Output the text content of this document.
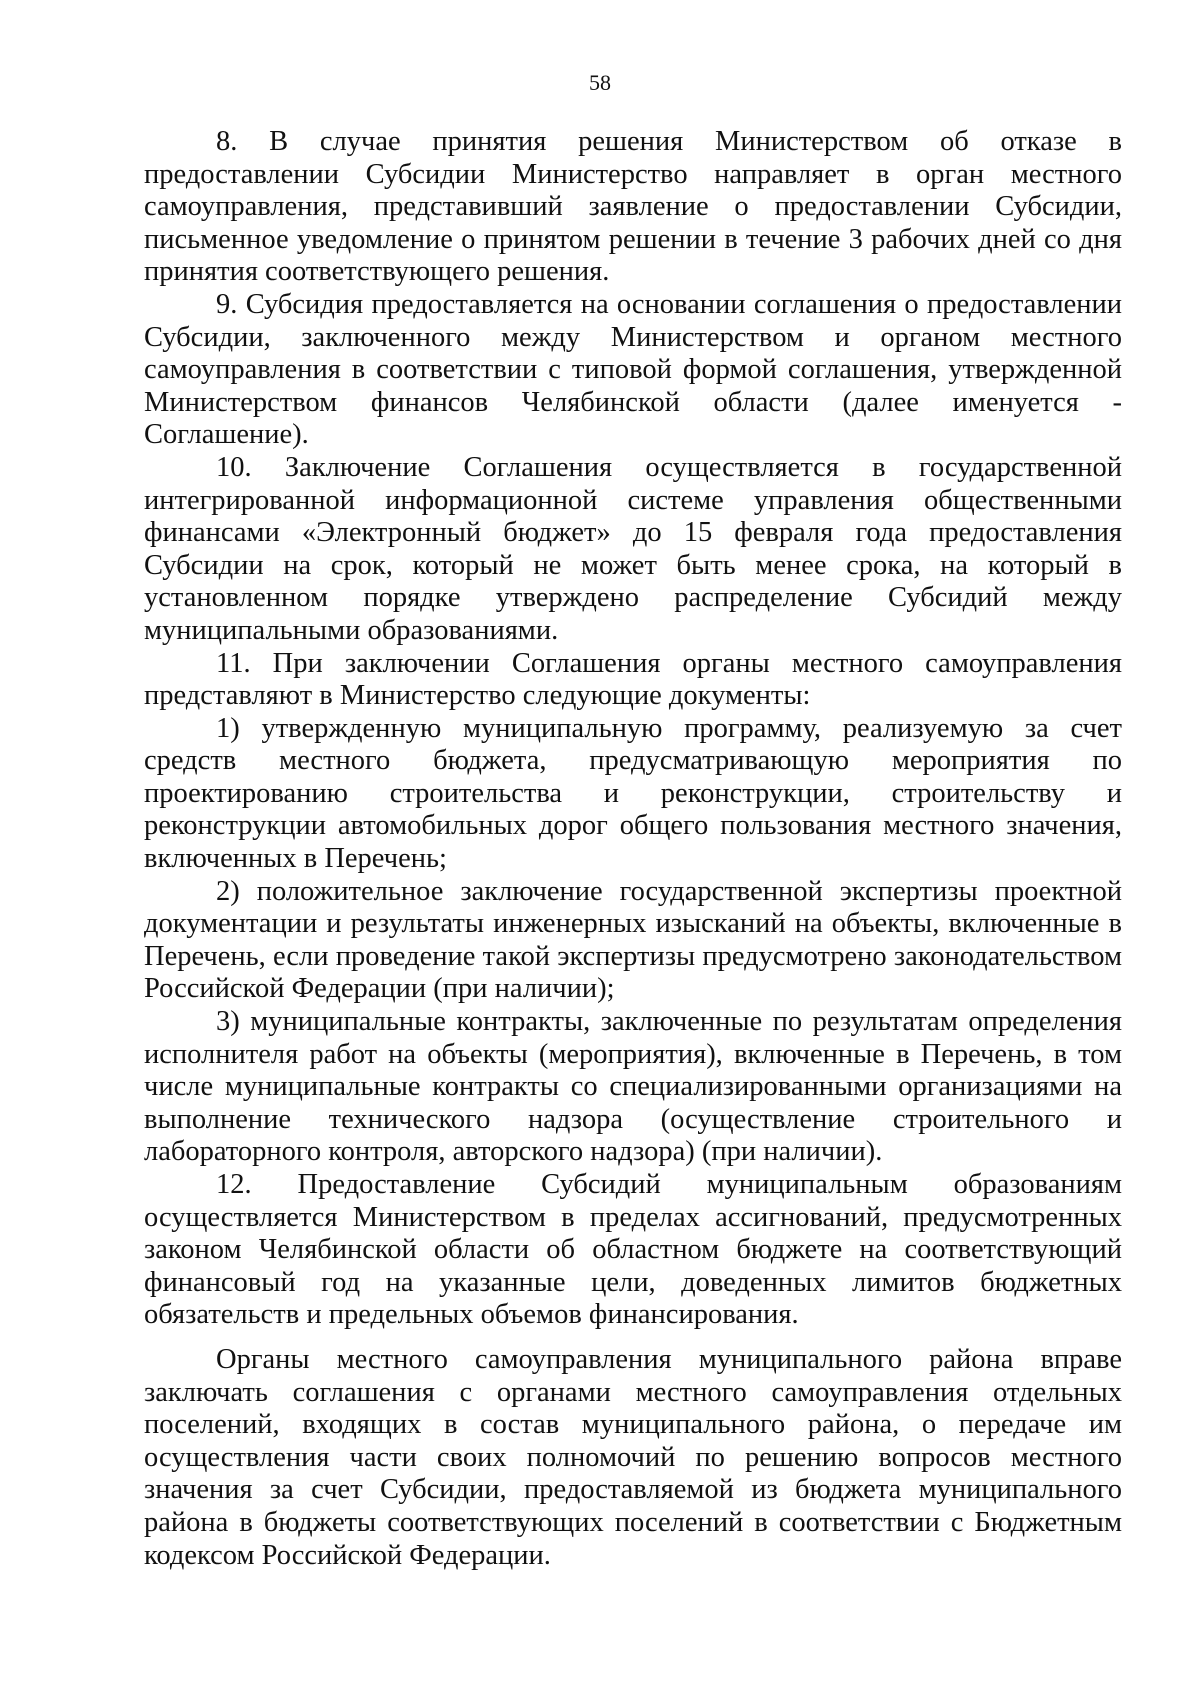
58

8. В случае принятия решения Министерством об отказе в предоставлении Субсидии Министерство направляет в орган местного самоуправления, представивший заявление о предоставлении Субсидии, письменное уведомление о принятом решении в течение 3 рабочих дней со дня принятия соответствующего решения.

9. Субсидия предоставляется на основании соглашения о предоставлении Субсидии, заключенного между Министерством и органом местного самоуправления в соответствии с типовой формой соглашения, утвержденной Министерством финансов Челябинской области (далее именуется - Соглашение).

10. Заключение Соглашения осуществляется в государственной интегрированной информационной системе управления общественными финансами «Электронный бюджет» до 15 февраля года предоставления Субсидии на срок, который не может быть менее срока, на который в установленном порядке утверждено распределение Субсидий между муниципальными образованиями.

11. При заключении Соглашения органы местного самоуправления представляют в Министерство следующие документы:

1) утвержденную муниципальную программу, реализуемую за счет средств местного бюджета, предусматривающую мероприятия по проектированию строительства и реконструкции, строительству и реконструкции автомобильных дорог общего пользования местного значения, включенных в Перечень;

2) положительное заключение государственной экспертизы проектной документации и результаты инженерных изысканий на объекты, включенные в Перечень, если проведение такой экспертизы предусмотрено законодательством Российской Федерации (при наличии);

3) муниципальные контракты, заключенные по результатам определения исполнителя работ на объекты (мероприятия), включенные в Перечень, в том числе муниципальные контракты со специализированными организациями на выполнение технического надзора (осуществление строительного и лабораторного контроля, авторского надзора) (при наличии).

12. Предоставление Субсидий муниципальным образованиям осуществляется Министерством в пределах ассигнований, предусмотренных законом Челябинской области об областном бюджете на соответствующий финансовый год на указанные цели, доведенных лимитов бюджетных обязательств и предельных объемов финансирования.

Органы местного самоуправления муниципального района вправе заключать соглашения с органами местного самоуправления отдельных поселений, входящих в состав муниципального района, о передаче им осуществления части своих полномочий по решению вопросов местного значения за счет Субсидии, предоставляемой из бюджета муниципального района в бюджеты соответствующих поселений в соответствии с Бюджетным кодексом Российской Федерации.
